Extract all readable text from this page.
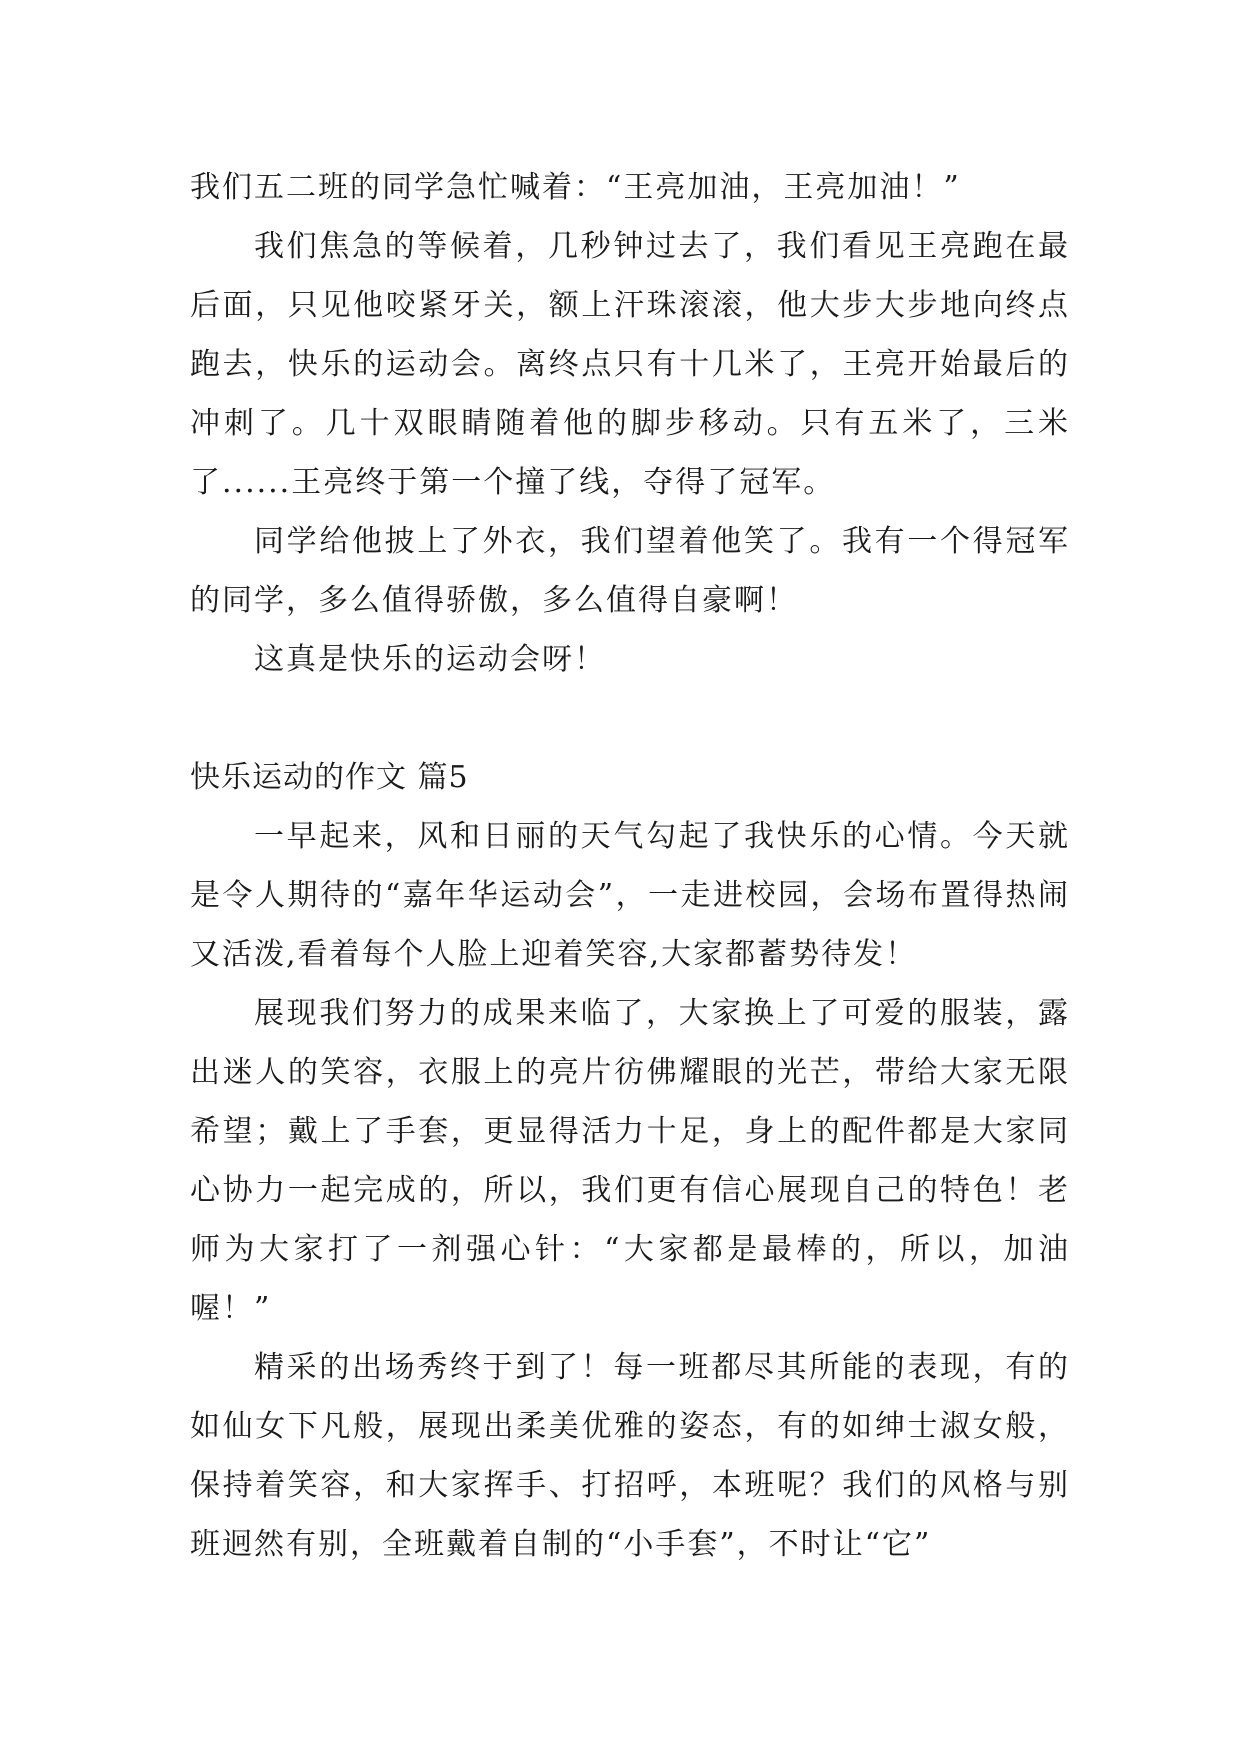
我们五二班的同学急忙喊着：“王亮加油，王亮加油！”

我们焦急的等候着，几秒钟过去了，我们看见王亮跑在最后面，只见他咬紧牙关，额上汗珠滚滚，他大步大步地向终点跑去，快乐的运动会。离终点只有十几米了，王亮开始最后的冲刺了。几十双眼睛随着他的脚步移动。只有五米了，三米了......王亮终于第一个撞了线，夺得了冠军。

同学给他披上了外衣，我们望着他笑了。我有一个得冠军的同学，多么值得骄傲，多么值得自豪啊！

这真是快乐的运动会呀！

快乐运动的作文 篇5

一早起来，风和日丽的天气勾起了我快乐的心情。今天就是令人期待的“嘉年华运动会”，一走进校园，会场布置得热闹又活泼,看着每个人脸上迎着笑容,大家都蓄势待发！

展现我们努力的成果来临了，大家换上了可爱的服装，露出迷人的笑容，衣服上的亮片彷佛耀眼的光芒，带给大家无限希望；戴上了手套，更显得活力十足，身上的配件都是大家同心协力一起完成的，所以，我们更有信心展现自己的特色！老师为大家打了一剂强心针：“大家都是最棒的，所以，加油喔！”

精采的出场秀终于到了！每一班都尽其所能的表现，有的如仙女下凡般，展现出柔美优雅的姿态，有的如绅士淑女般，保持着笑容，和大家挥手、打招呼，本班呢？我们的风格与别班迥然有别，全班戴着自制的“小手套”，不时让“它”
